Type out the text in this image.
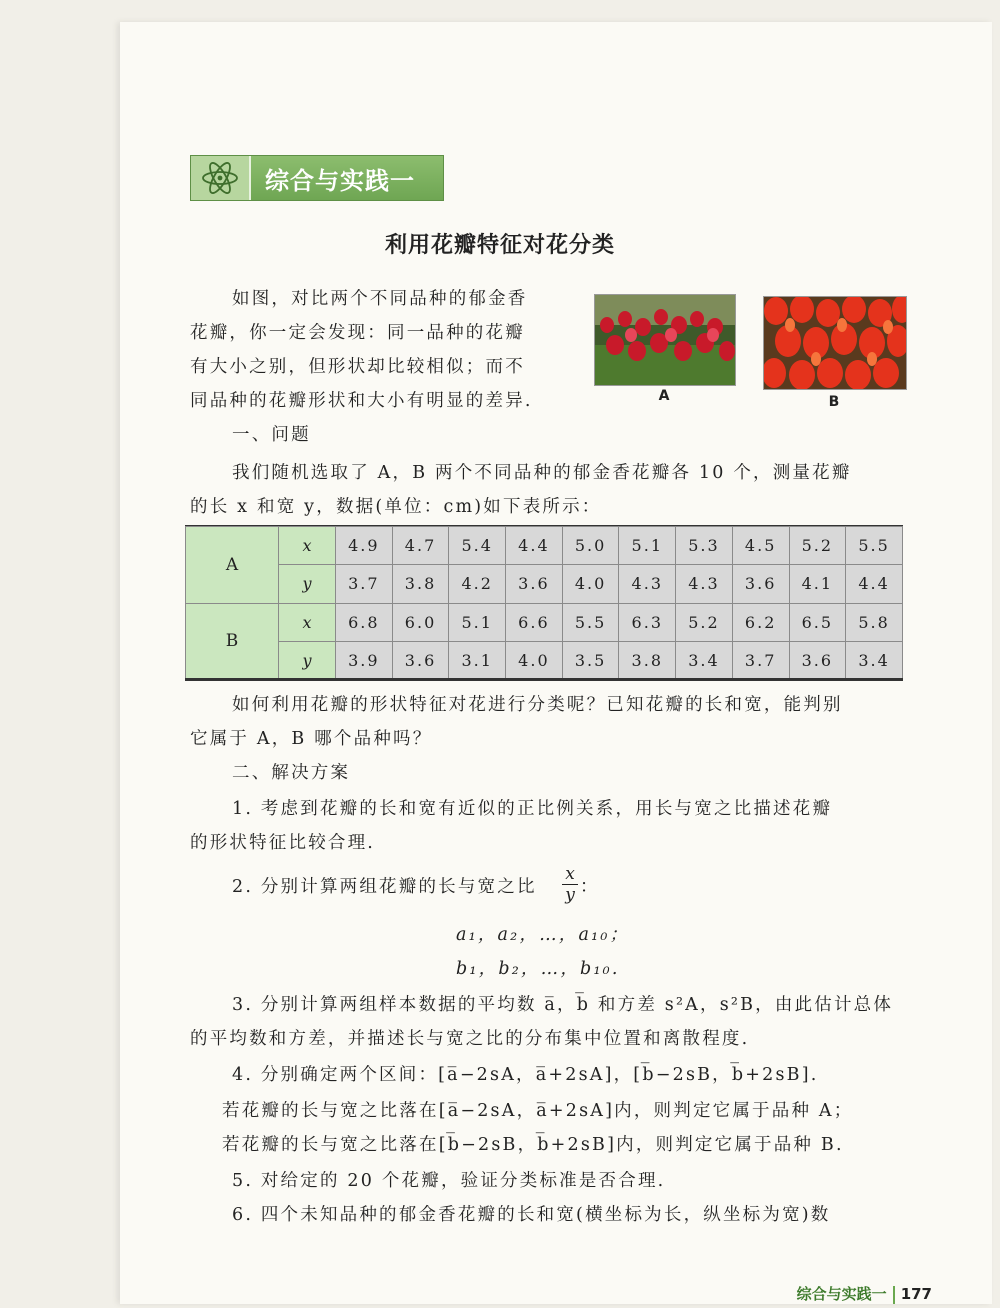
综合与实践一
利用花瓣特征对花分类

如图，对比两个不同品种的郁金香

花瓣，你一定会发现：同一品种的花瓣

有大小之别，但形状却比较相似；而不

同品种的花瓣形状和大小有明显的差异.	A	B

一、问题

我们随机选取了 A，B 两个不同品种的郁金香花瓣各 10 个，测量花瓣

的长 x 和宽 y，数据(单位：cm)如下表所示：

A	x	4.9	4.7	5.4	4.4	5.0	5.1	5.3	4.5	5.2	5.5
	y	3.7	3.8	4.2	3.6	4.0	4.3	4.3	3.6	4.1	4.4
B	x	6.8	6.0	5.1	6.6	5.5	6.3	5.2	6.2	6.5	5.8
	y	3.9	3.6	3.1	4.0	3.5	3.8	3.4	3.7	3.6	3.4

如何利用花瓣的形状特征对花进行分类呢？已知花瓣的长和宽，能判别

它属于 A，B 哪个品种吗？

二、解决方案

1. 考虑到花瓣的长和宽有近似的正比例关系，用长与宽之比描述花瓣

的形状特征比较合理.

2. 分别计算两组花瓣的长与宽之比

x
y ：

a₁，a₂，…，a₁₀；

b₁，b₂，…，b₁₀.

3. 分别计算两组样本数据的平均数 a̅，b̅ 和方差 s²A，s²B，由此估计总体

的平均数和方差，并描述长与宽之比的分布集中位置和离散程度.

4. 分别确定两个区间：[a̅−2sA，a̅+2sA]，[b̅−2sB，b̅+2sB].

若花瓣的长与宽之比落在[a̅−2sA，a̅+2sA]内，则判定它属于品种 A；

若花瓣的长与宽之比落在[b̅−2sB，b̅+2sB]内，则判定它属于品种 B.

5. 对给定的 20 个花瓣，验证分类标准是否合理.

6. 四个未知品种的郁金香花瓣的长和宽(横坐标为长，纵坐标为宽)数

综合与实践一 177
